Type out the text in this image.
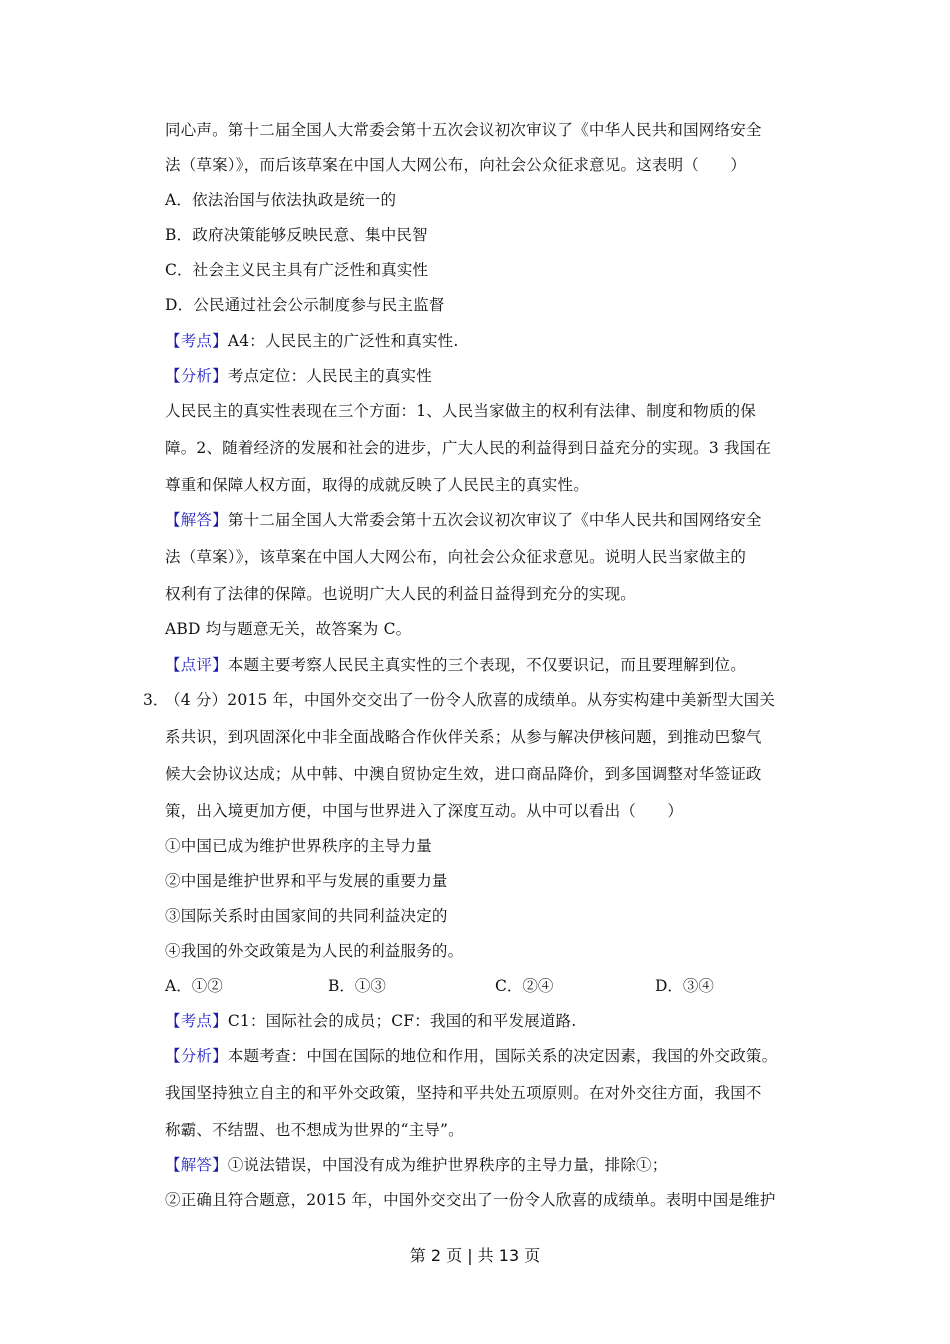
同心声。第十二届全国人大常委会第十五次会议初次审议了《中华人民共和国网络安全
法（草案）》，而后该草案在中国人大网公布，向社会公众征求意见。这表明（　　）
A．依法治国与依法执政是统一的
B．政府决策能够反映民意、集中民智
C．社会主义民主具有广泛性和真实性
D．公民通过社会公示制度参与民主监督
【考点】A4：人民民主的广泛性和真实性.
【分析】考点定位：人民民主的真实性
人民民主的真实性表现在三个方面：1、人民当家做主的权利有法律、制度和物质的保
障。2、随着经济的发展和社会的进步，广大人民的利益得到日益充分的实现。3 我国在
尊重和保障人权方面，取得的成就反映了人民民主的真实性。
【解答】第十二届全国人大常委会第十五次会议初次审议了《中华人民共和国网络安全
法（草案）》，该草案在中国人大网公布，向社会公众征求意见。说明人民当家做主的
权利有了法律的保障。也说明广大人民的利益日益得到充分的实现。
ABD 均与题意无关，故答案为 C。
【点评】本题主要考察人民民主真实性的三个表现，不仅要识记，而且要理解到位。
3．
（4 分）2015 年，中国外交交出了一份令人欣喜的成绩单。从夯实构建中美新型大国关
系共识，到巩固深化中非全面战略合作伙伴关系；从参与解决伊核问题，到推动巴黎气
候大会协议达成；从中韩、中澳自贸协定生效，进口商品降价，到多国调整对华签证政
策，出入境更加方便，中国与世界进入了深度互动。从中可以看出（　　）
①中国已成为维护世界秩序的主导力量
②中国是维护世界和平与发展的重要力量
③国际关系时由国家间的共同利益决定的
④我国的外交政策是为人民的利益服务的。
A．①②	B．①③	C．②④	D．③④
【考点】C1：国际社会的成员；CF：我国的和平发展道路.
【分析】本题考查：中国在国际的地位和作用，国际关系的决定因素，我国的外交政策。
我国坚持独立自主的和平外交政策，坚持和平共处五项原则。在对外交往方面，我国不
称霸、不结盟、也不想成为世界的“主导”。
【解答】①说法错误，中国没有成为维护世界秩序的主导力量，排除①；
②正确且符合题意，2015 年，中国外交交出了一份令人欣喜的成绩单。表明中国是维护
第 2 页 | 共 13 页
